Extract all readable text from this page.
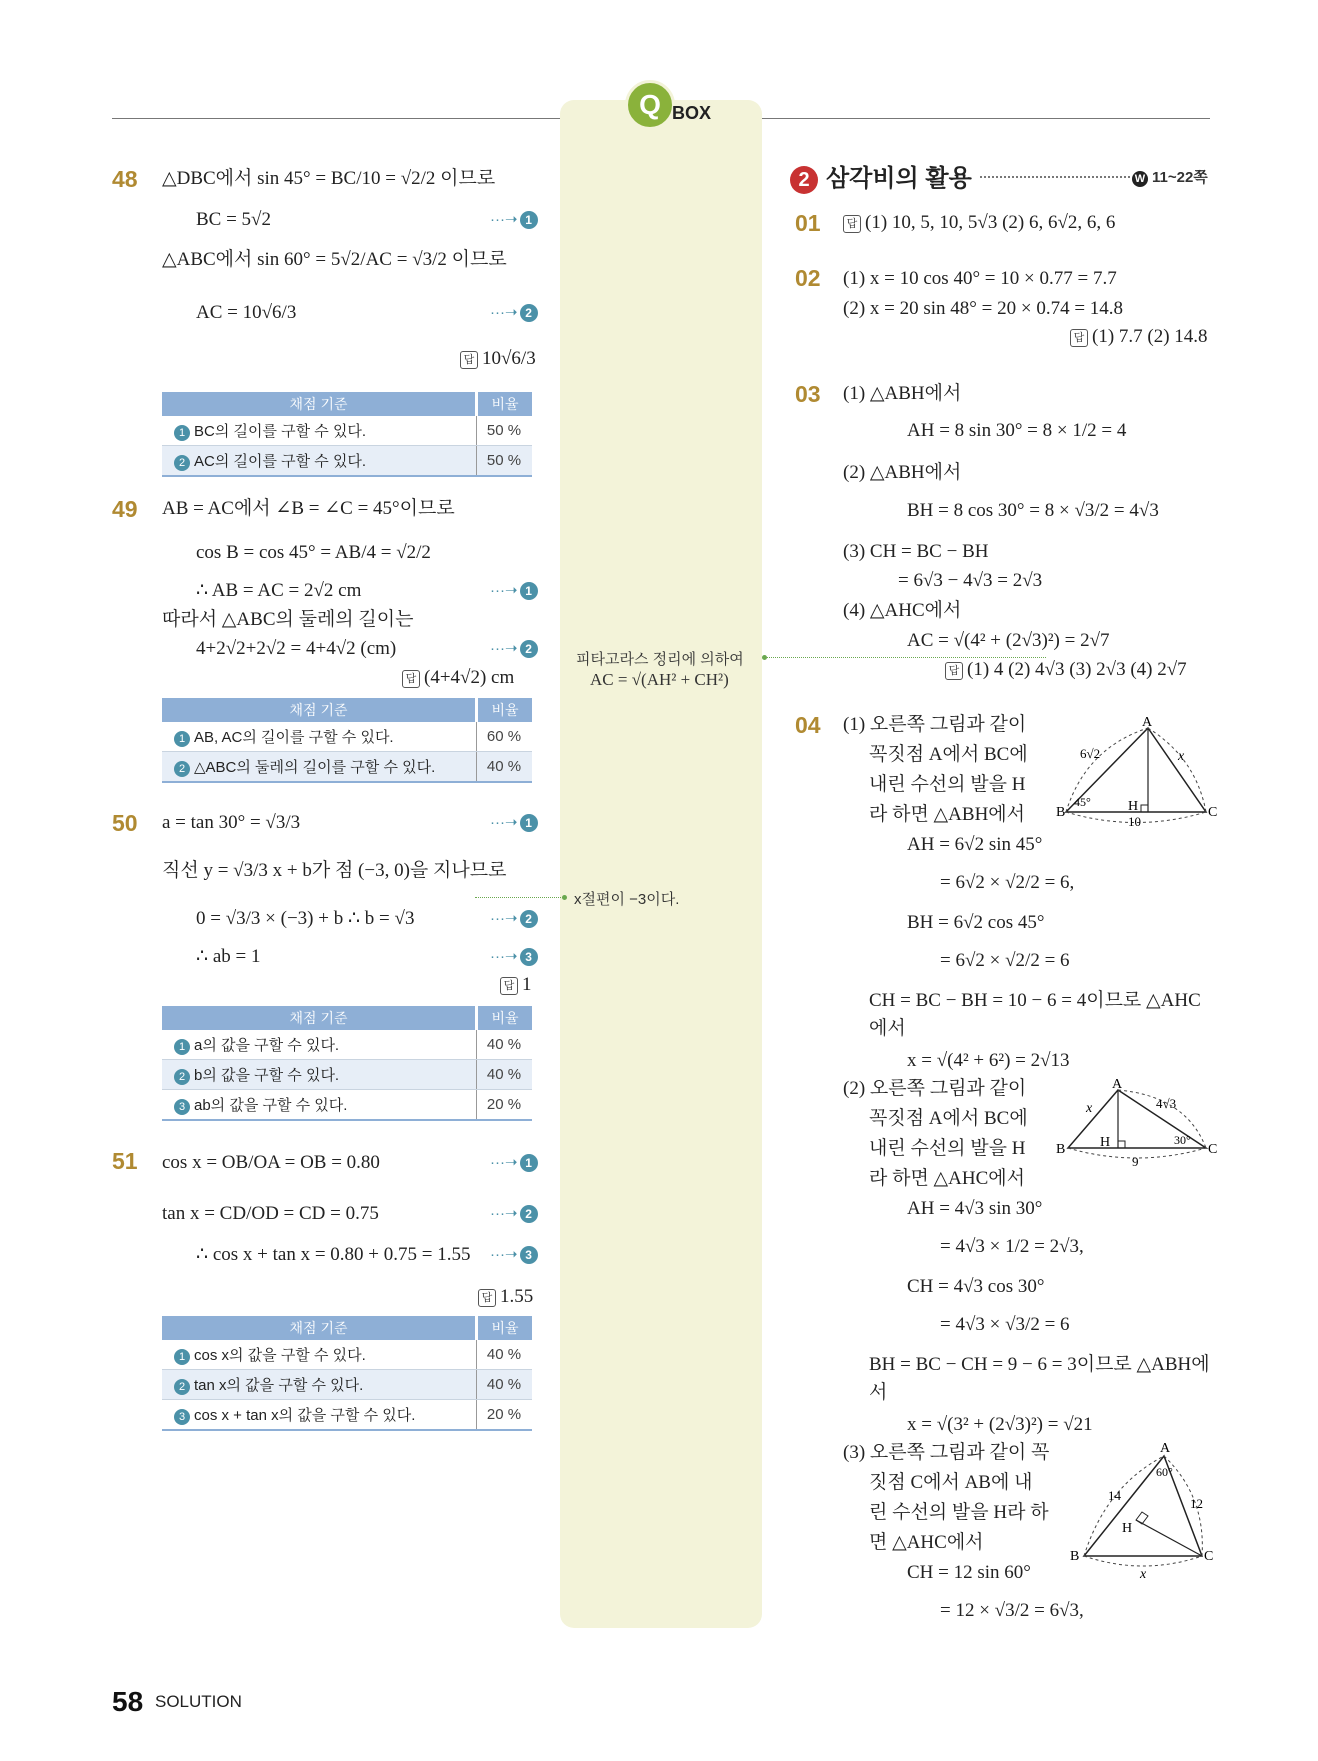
Q BOX
48 △DBC에서 sin 45° = BC/10 = √2/2 이므로
BC = 5√2	···➝ 1
△ABC에서 sin 60° = 5√2/AC = √3/2 이므로
AC = 10√6/3	···➝ 2
답 10√6/3
채점 기준	비율
1 BC의 길이를 구할 수 있다.	50 %
2 AC의 길이를 구할 수 있다.	50 %
49 AB = AC에서 ∠B = ∠C = 45°이므로
cos B = cos 45° = AB/4 = √2/2
∴ AB = AC = 2√2 cm	···➝ 1
따라서 △ABC의 둘레의 길이는
4+2√2+2√2 = 4+4√2 (cm)	···➝ 2
답 (4+4√2) cm
채점 기준	비율
1 AB, AC의 길이를 구할 수 있다.	60 %
2 △ABC의 둘레의 길이를 구할 수 있다.	40 %
50 a = tan 30° = √3/3	···➝ 1
직선 y = √3/3 x + b가 점 (−3, 0)을 지나므로
0 = √3/3 × (−3) + b ∴ b = √3	···➝ 2
∴ ab = 1	···➝ 3
답 1
채점 기준	비율
1 a의 값을 구할 수 있다.	40 %
2 b의 값을 구할 수 있다.	40 %
3 ab의 값을 구할 수 있다.	20 %
51 cos x = OB/OA = OB = 0.80	···➝ 1
tan x = CD/OD = CD = 0.75	···➝ 2
∴ cos x + tan x = 0.80 + 0.75 = 1.55 ···➝ 3
답 1.55
채점 기준	비율
1 cos x의 값을 구할 수 있다.	40 %
2 tan x의 값을 구할 수 있다.	40 %
3 cos x + tan x의 값을 구할 수 있다.	20 %
피타고라스 정리에 의하여
AC = √(AH² + CH²)
x절편이 −3이다.
2 삼각비의 활용	W 11~22쪽
01	답 (1) 10, 5, 10, 5√3 (2) 6, 6√2, 6, 6
02 (1) x = 10 cos 40° = 10 × 0.77 = 7.7
(2) x = 20 sin 48° = 20 × 0.74 = 14.8
답 (1) 7.7 (2) 14.8
03 (1) △ABH에서
AH = 8 sin 30° = 8 × 1/2 = 4
(2) △ABH에서
BH = 8 cos 30° = 8 × √3/2 = 4√3
(3) CH = BC − BH
= 6√3 − 4√3 = 2√3
(4) △AHC에서
AC = √(4² + (2√3)²) = 2√7
답 (1) 4 (2) 4√3 (3) 2√3 (4) 2√7
04 (1) 오른쪽 그림과 같이
꼭짓점 A에서 BC에
내린 수선의 발을 H
라 하면 △ABH에서
AH = 6√2 sin 45°
= 6√2 × √2/2 = 6,
BH = 6√2 cos 45°
= 6√2 × √2/2 = 6
CH = BC − BH = 10 − 6 = 4이므로 △AHC
에서
x = √(4² + 6²) = 2√13
A
B	C
H
6√2	x
45°
10
(2) 오른쪽 그림과 같이
꼭짓점 A에서 BC에
내린 수선의 발을 H
라 하면 △AHC에서
AH = 4√3 sin 30°
= 4√3 × 1/2 = 2√3,
CH = 4√3 cos 30°
= 4√3 × √3/2 = 6
BH = BC − CH = 9 − 6 = 3이므로 △ABH에
서
x = √(3² + (2√3)²) = √21
A
B	C
H
4√3
x
30°
9
(3) 오른쪽 그림과 같이 꼭
짓점 C에서 AB에 내
린 수선의 발을 H라 하
면 △AHC에서
CH = 12 sin 60°
= 12 × √3/2 = 6√3,
A
B	C
H
14
12
60°
x
58 SOLUTION
